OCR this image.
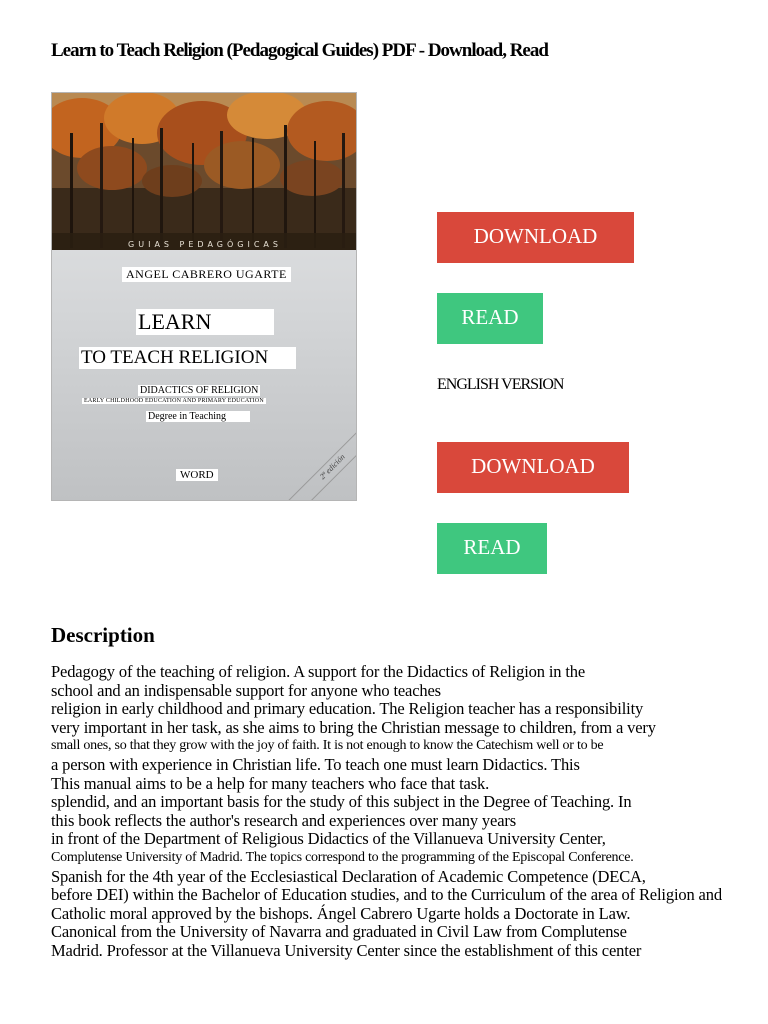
Learn to Teach Religion (Pedagogical Guides) PDF - Download, Read
GUIAS PEDAGÓGICAS
ANGEL CABRERO UGARTE
LEARN
TO TEACH RELIGION
DIDACTICS OF RELIGION
EARLY CHILDHOOD EDUCATION AND PRIMARY EDUCATION
Degree in Teaching
WORD	2ª edición
DOWNLOAD
READ
ENGLISH VERSION
DOWNLOAD
READ
Description
Pedagogy of the teaching of religion. A support for the Didactics of Religion in the
school and an indispensable support for anyone who teaches
religion in early childhood and primary education. The Religion teacher has a responsibility
very important in her task, as she aims to bring the Christian message to children, from a very
small ones, so that they grow with the joy of faith. It is not enough to know the Catechism well or to be
a person with experience in Christian life. To teach one must learn Didactics. This
This manual aims to be a help for many teachers who face that task.
splendid, and an important basis for the study of this subject in the Degree of Teaching. In
this book reflects the author's research and experiences over many years
in front of the Department of Religious Didactics of the Villanueva University Center,
Complutense University of Madrid. The topics correspond to the programming of the Episcopal Conference.
Spanish for the 4th year of the Ecclesiastical Declaration of Academic Competence (DECA,
before DEI) within the Bachelor of Education studies, and to the Curriculum of the area of Religion and
Catholic moral approved by the bishops. Ángel Cabrero Ugarte holds a Doctorate in Law.
Canonical from the University of Navarra and graduated in Civil Law from Complutense
Madrid. Professor at the Villanueva University Center since the establishment of this center
